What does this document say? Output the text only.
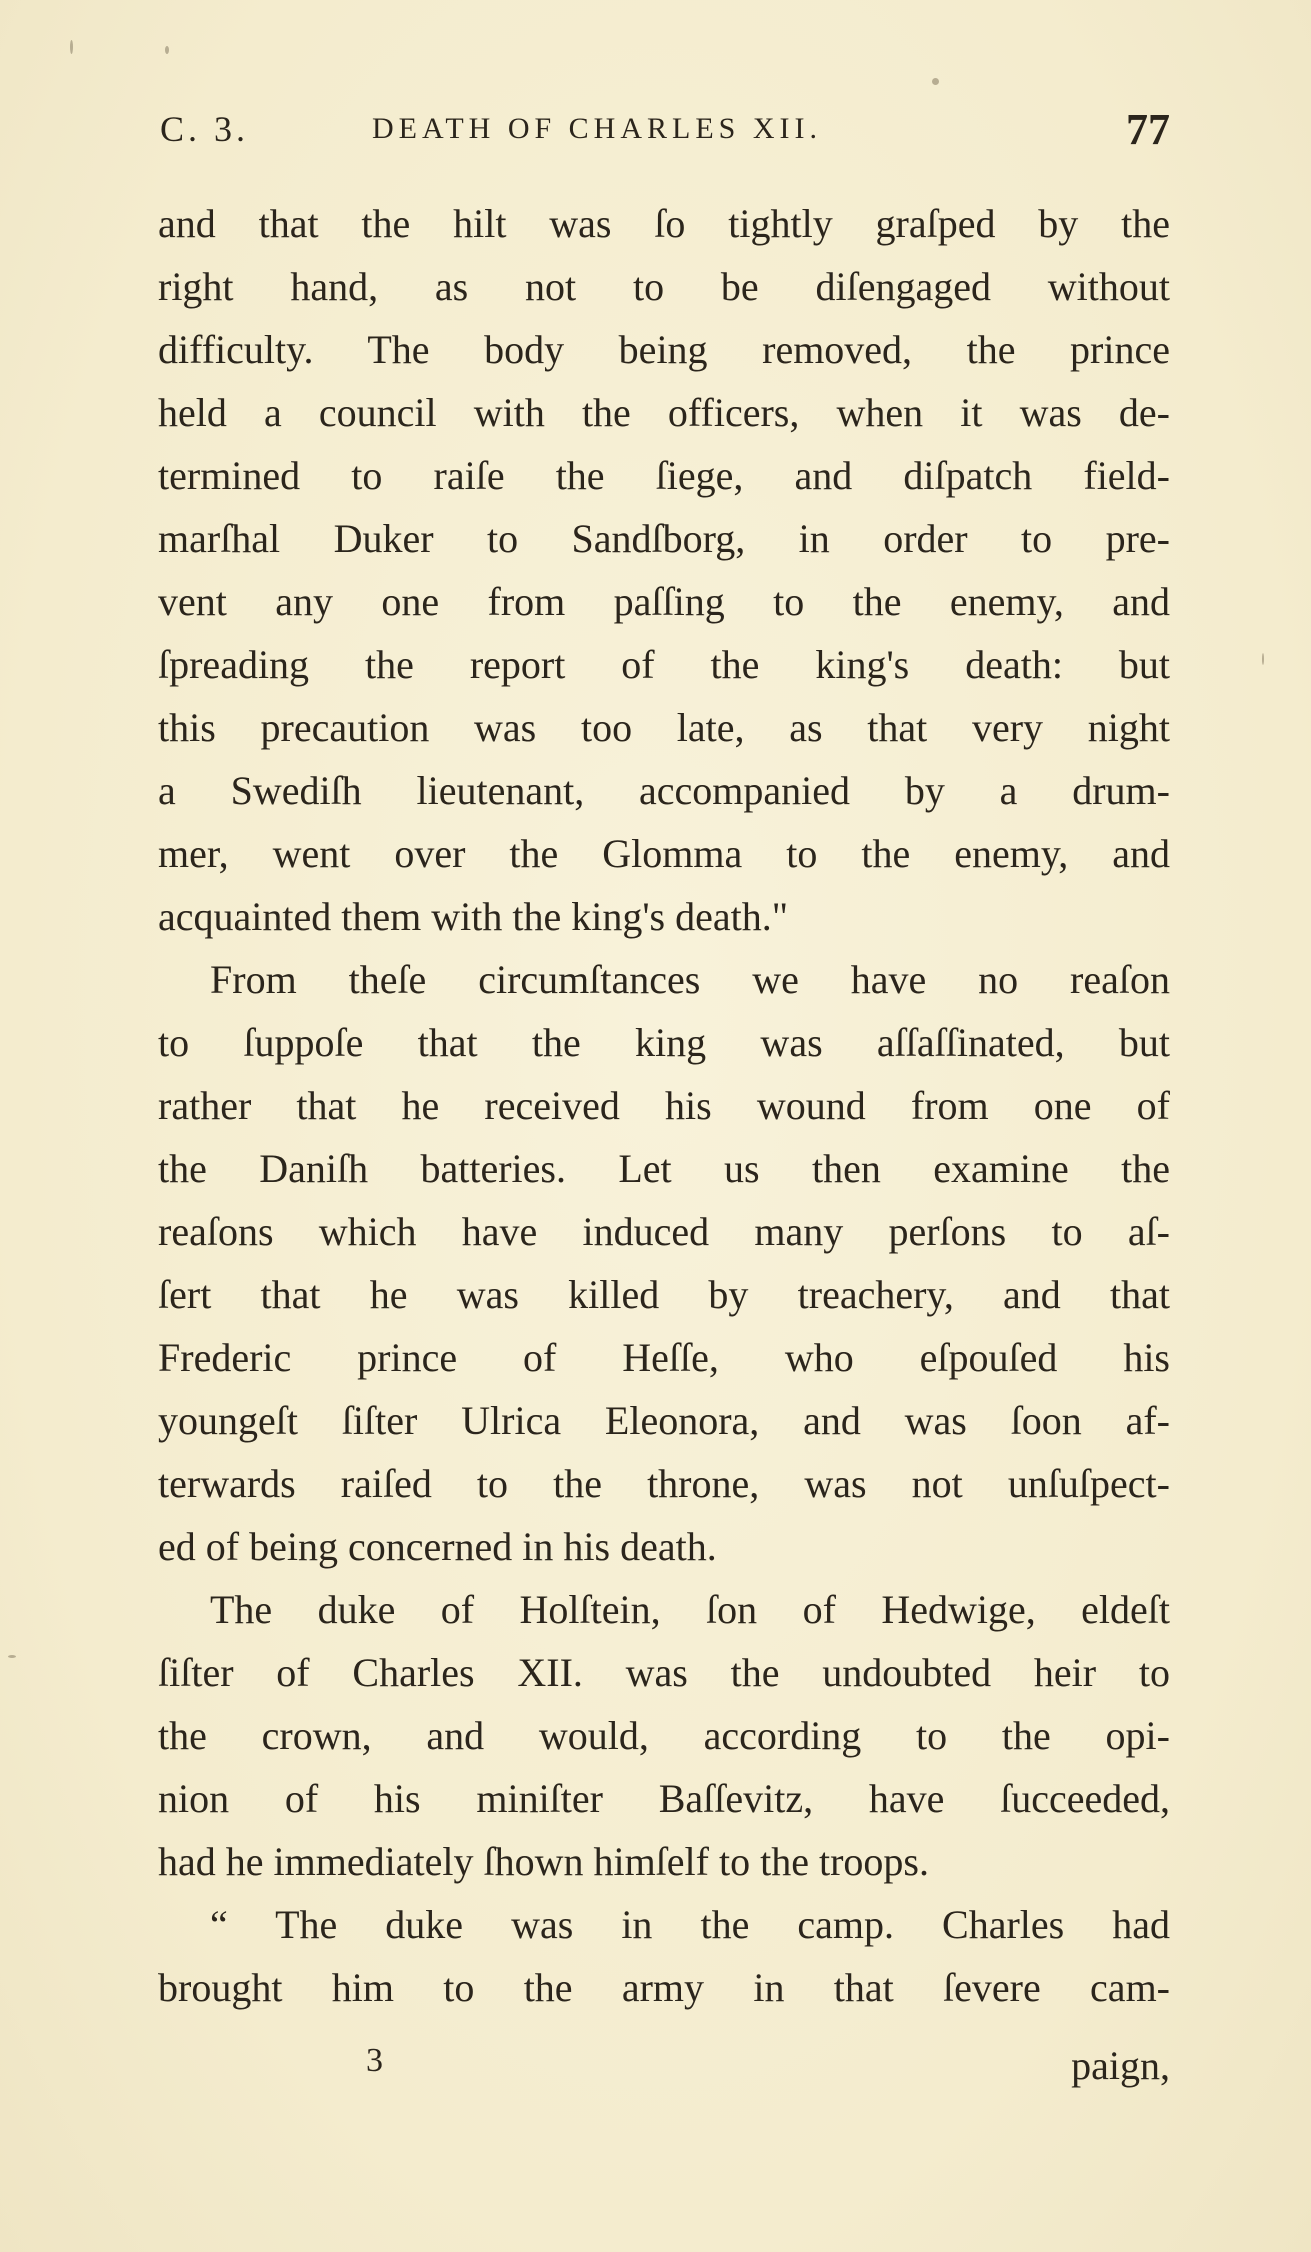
C. 3.	DEATH OF CHARLES XII.	77
and that the hilt was ſo tightly graſped by the
right hand, as not to be diſengaged without
difficulty. The body being removed, the prince
held a council with the officers, when it was de-
termined to raiſe the ſiege, and diſpatch field-
marſhal Duker to Sandſborg, in order to pre-
vent any one from paſſing to the enemy, and
ſpreading the report of the king's death: but
this precaution was too late, as that very night
a Swediſh lieutenant, accompanied by a drum-
mer, went over the Glomma to the enemy, and
acquainted them with the king's death."
From theſe circumſtances we have no reaſon
to ſuppoſe that the king was aſſaſſinated, but
rather that he received his wound from one of
the Daniſh batteries. Let us then examine the
reaſons which have induced many perſons to aſ-
ſert that he was killed by treachery, and that
Frederic prince of Heſſe, who eſpouſed his
youngeſt ſiſter Ulrica Eleonora, and was ſoon af-
terwards raiſed to the throne, was not unſuſpect-
ed of being concerned in his death.
The duke of Holſtein, ſon of Hedwige, eldeſt
ſiſter of Charles XII. was the undoubted heir to
the crown, and would, according to the opi-
nion of his miniſter Baſſevitz, have ſucceeded,
had he immediately ſhown himſelf to the troops.
“ The duke was in the camp. Charles had
brought him to the army in that ſevere cam-
3	paign,
